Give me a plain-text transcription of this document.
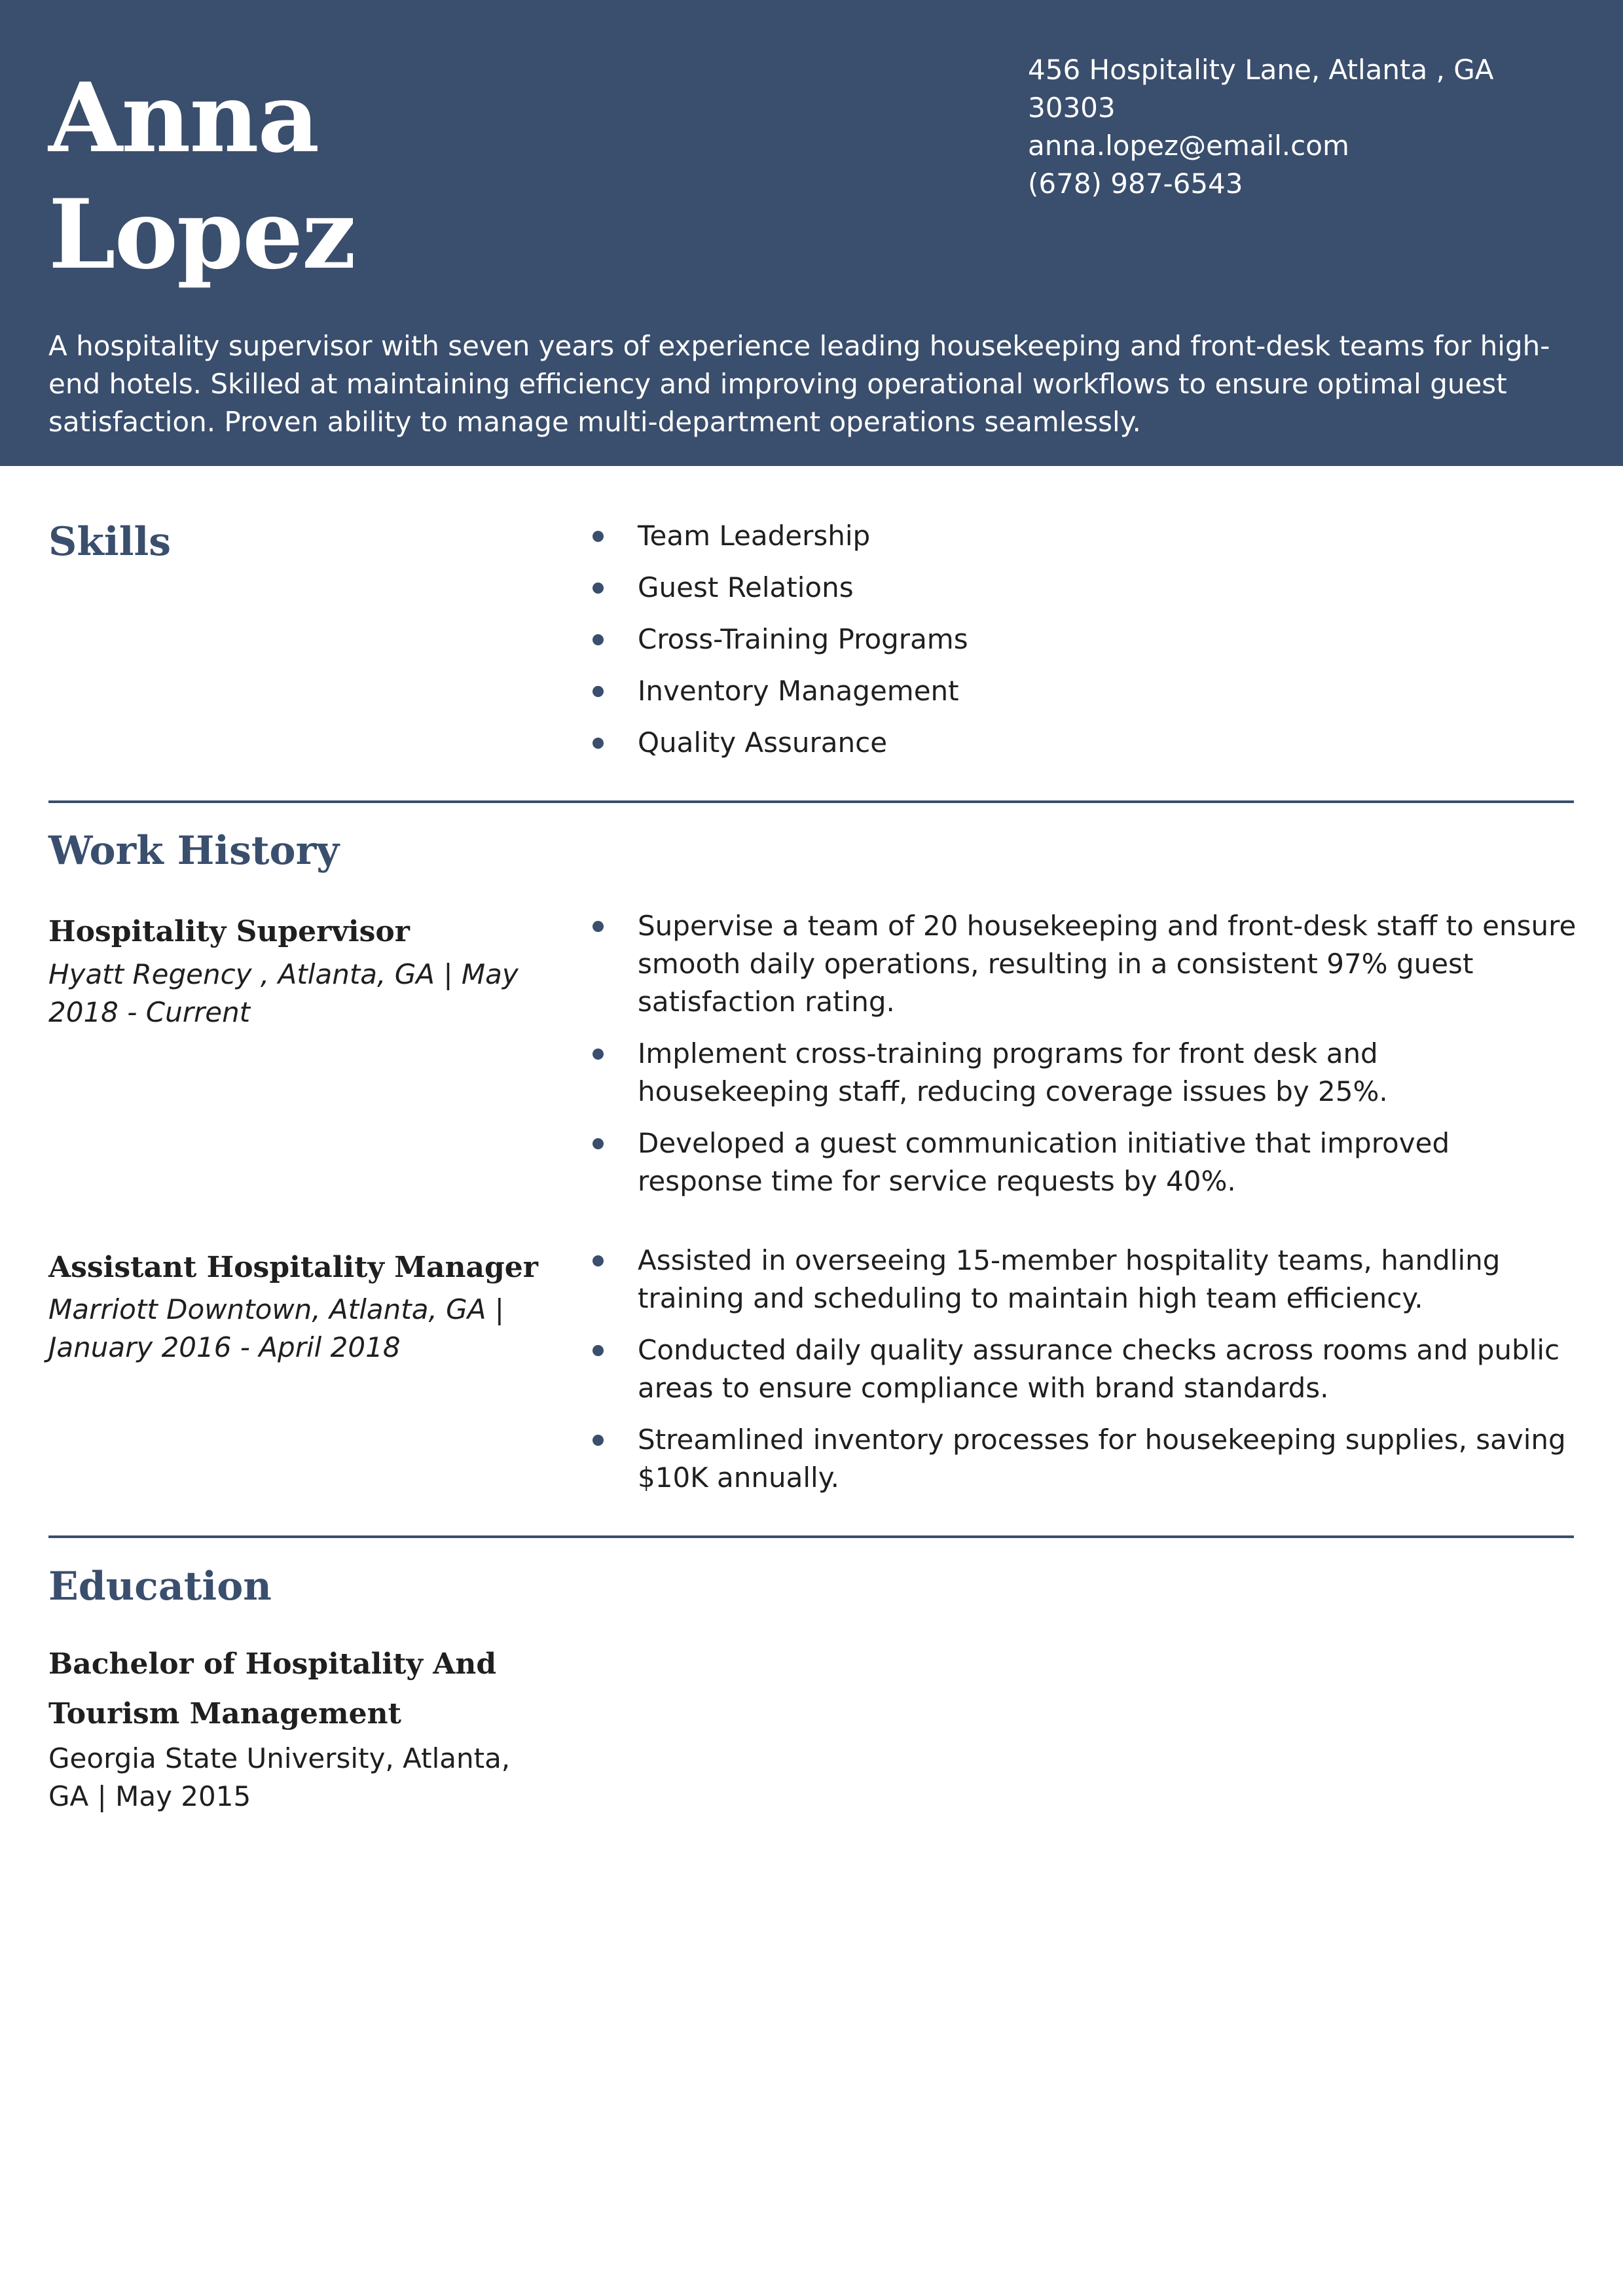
Anna
Lopez
456 Hospitality Lane, Atlanta , GA
30303
anna.lopez@email.com
(678) 987-6543
A hospitality supervisor with seven years of experience leading housekeeping and front-desk teams for high-end hotels. Skilled at maintaining efficiency and improving operational workflows to ensure optimal guest satisfaction. Proven ability to manage multi-department operations seamlessly.
Skills	Team Leadership
Guest Relations
Cross-Training Programs
Inventory Management
Quality Assurance
Work History
Hospitality Supervisor
Hyatt Regency , Atlanta, GA | May 2018 - Current
Supervise a team of 20 housekeeping and front-desk staff to ensure smooth daily operations, resulting in a consistent 97% guest satisfaction rating.
Implement cross-training programs for front desk and housekeeping staff, reducing coverage issues by 25%.
Developed a guest communication initiative that improved response time for service requests by 40%.
Assistant Hospitality Manager
Marriott Downtown, Atlanta, GA | January 2016 - April 2018
Assisted in overseeing 15-member hospitality teams, handling training and scheduling to maintain high team efficiency.
Conducted daily quality assurance checks across rooms and public areas to ensure compliance with brand standards.
Streamlined inventory processes for housekeeping supplies, saving $10K annually.
Education
Bachelor of Hospitality And Tourism Management
Georgia State University, Atlanta, GA | May 2015
